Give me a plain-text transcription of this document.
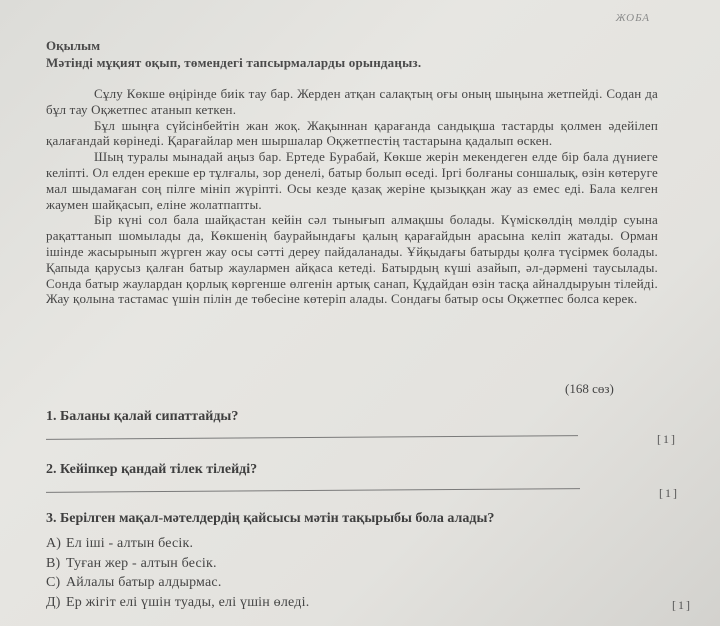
ЖОБА
Оқылым
Мәтінді мұқият оқып, төмендегі тапсырмаларды орындаңыз.

Сұлу Көкше өңірінде биік тау бар. Жерден атқан салақтың оғы оның шыңына жетпейді. Содан да бұл тау Оқжетпес атанып кеткен.

Бұл шыңға сүйсінбейтін жан жоқ. Жақыннан қарағанда сандықша тастарды қолмен әдейілеп қалағандай көрінеді. Қарағайлар мен шыршалар Оқжетпестің тастарына қадалып өскен.

Шың туралы мынадай аңыз бар. Ертеде Бурабай, Көкше жерін мекендеген елде бір бала дүниеге келіпті. Ол елден ерекше ер тұлғалы, зор денелі, батыр болып өседі. Іргі болғаны соншалық, өзін көтеруге мал шыдамаған соң пілге мініп жүріпті. Осы кезде қазақ жеріне қызыққан жау аз емес еді. Бала келген жаумен шайқасып, еліне жолатпапты.

Бір күні сол бала шайқастан кейін сәл тынығып алмақшы болады. Күміскөлдің мөлдір суына рақаттанып шомылады да, Көкшенің баурайындағы қалың қарағайдын арасына келіп жатады. Орман ішінде жасырынып жүрген жау осы сәтті дереу пайдаланады. Ұйқыдағы батырды қолға түсірмек болады. Қапыда қарусыз қалған батыр жаулармен айқаса кетеді. Батырдың күші азайып, әл-дәрмені таусылады. Сонда батыр жаулардан қорлық көргенше өлгенін артық санап, Құдайдан өзін тасқа айналдыруын тілейді. Жау қолына тастамас үшін пілін де төбесіне көтеріп алады. Сондағы батыр осы Оқжетпес болса керек.

(168 сөз)
1. Баланы қалай сипаттайды?
[1]
2. Кейіпкер қандай тілек тілейді?
[1]
3. Берілген мақал-мәтелдердің қайсысы мәтін тақырыбы бола алады?
A) Ел іші - алтын бесік.
B) Туған жер - алтын бесік.
C) Айлалы батыр алдырмас.
Д) Ер жігіт елі үшін туады, елі үшін өледі.	[1]
